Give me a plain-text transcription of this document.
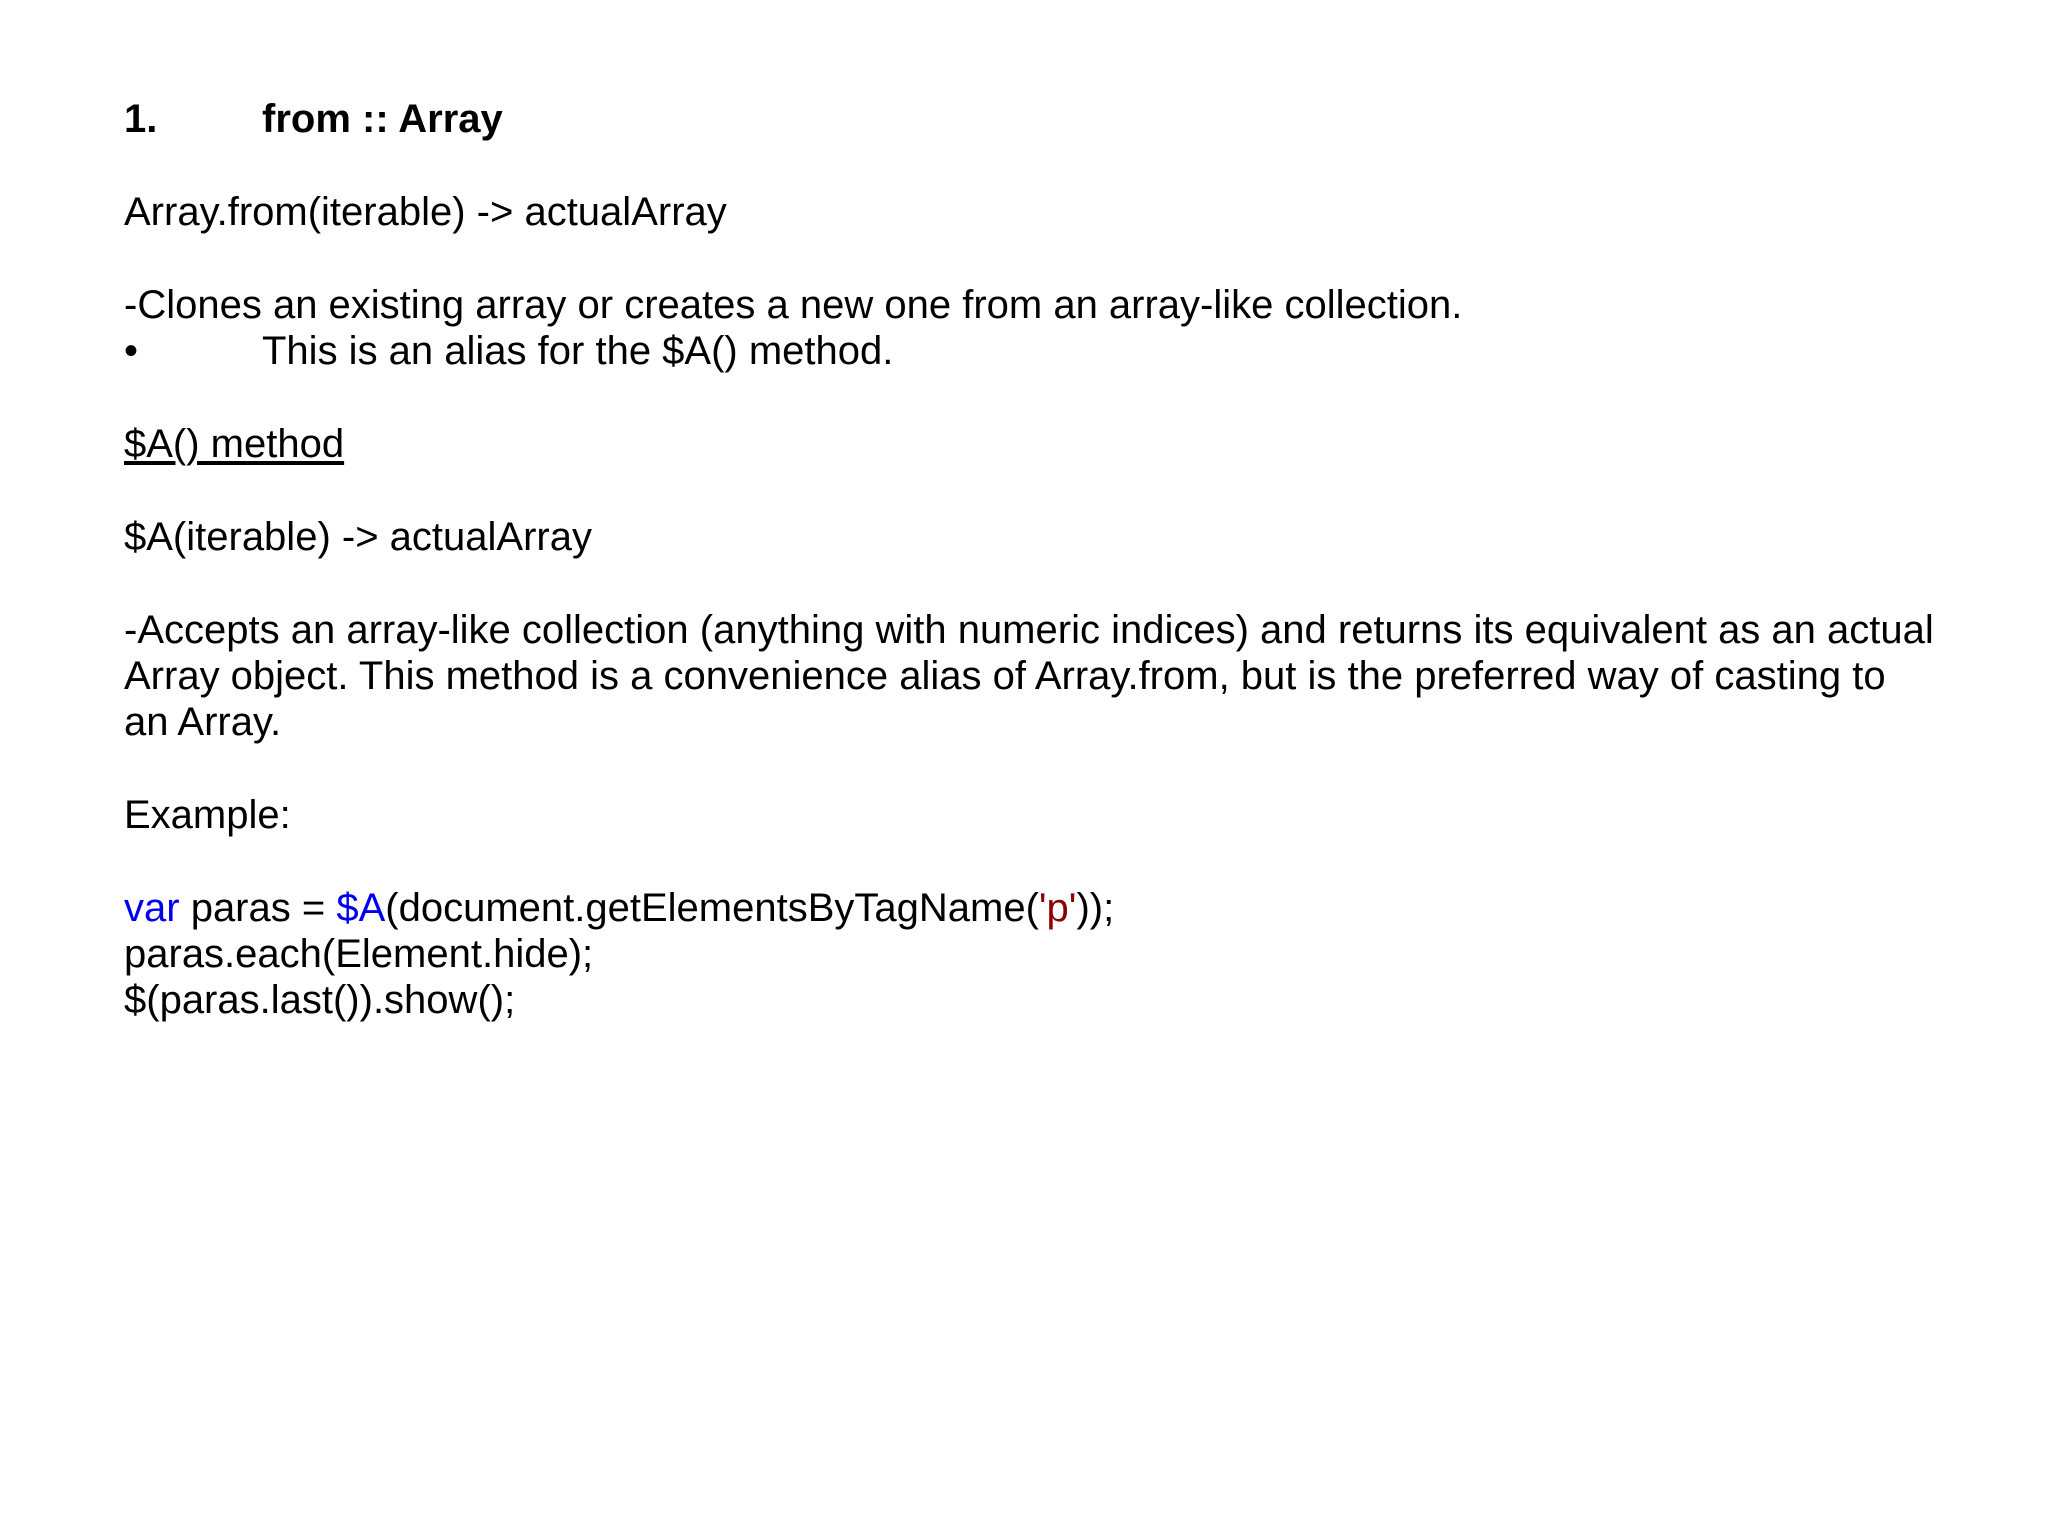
1.	from :: Array
Array.from(iterable) -> actualArray
-Clones an existing array or creates a new one from an array-like collection.
•	This is an alias for the $A() method.
$A() method
$A(iterable) -> actualArray
-Accepts an array-like collection (anything with numeric indices) and returns its equivalent as an actual
Array object. This method is a convenience alias of Array.from, but is the preferred way of casting to
an Array.
Example:
var paras = $A(document.getElementsByTagName('p'));
paras.each(Element.hide);
$(paras.last()).show();
